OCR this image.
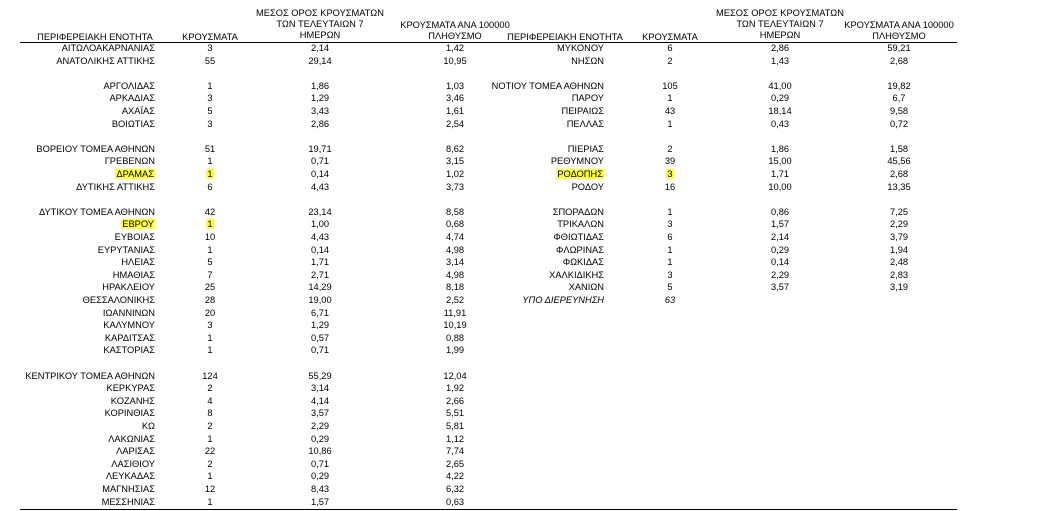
ΠΕΡΙΦΕΡΕΙΑΚΗ ΕΝΟΤΗΤΑ	ΚΡΟΥΣΜΑΤΑ
ΜΕΣΟΣ ΟΡΟΣ ΚΡΟΥΣΜΑΤΩΝ
ΤΩΝ ΤΕΛΕΥΤΑΙΩΝ 7
ΗΜΕΡΩΝ
ΚΡΟΥΣΜΑΤΑ ΑΝΑ 100000
ΠΛΗΘΥΣΜΟ	ΠΕΡΙΦΕΡΕΙΑΚΗ ΕΝΟΤΗΤΑ	ΚΡΟΥΣΜΑΤΑ
ΜΕΣΟΣ ΟΡΟΣ ΚΡΟΥΣΜΑΤΩΝ
ΤΩΝ ΤΕΛΕΥΤΑΙΩΝ 7
ΗΜΕΡΩΝ
ΚΡΟΥΣΜΑΤΑ ΑΝΑ 100000
ΠΛΗΘΥΣΜΟ
ΑΙΤΩΛΟΑΚΑΡΝΑΝΙΑΣ	3	2,14	1,42
ΑΝΑΤΟΛΙΚΗΣ ΑΤΤΙΚΗΣ	55	29,14	10,95
ΑΡΓΟΛΙΔΑΣ	1	1,86	1,03
ΑΡΚΑΔΙΑΣ	3	1,29	3,46
ΑΧΑΪΑΣ	5	3,43	1,61
ΒΟΙΩΤΙΑΣ	3	2,86	2,54
ΒΟΡΕΙΟΥ ΤΟΜΕΑ ΑΘΗΝΩΝ	51	19,71	8,62
ΓΡΕΒΕΝΩΝ	1	0,71	3,15
ΔΡΑΜΑΣ	1	0,14	1,02
ΔΥΤΙΚΗΣ ΑΤΤΙΚΗΣ	6	4,43	3,73
ΔΥΤΙΚΟΥ ΤΟΜΕΑ ΑΘΗΝΩΝ	42	23,14	8,58
ΕΒΡΟΥ	1	1,00	0,68
ΕΥΒΟΙΑΣ	10	4,43	4,74
ΕΥΡΥΤΑΝΙΑΣ	1	0,14	4,98
ΗΛΕΙΑΣ	5	1,71	3,14
ΗΜΑΘΙΑΣ	7	2,71	4,98
ΗΡΑΚΛΕΙΟΥ	25	14,29	8,18
ΘΕΣΣΑΛΟΝΙΚΗΣ	28	19,00	2,52
ΙΩΑΝΝΙΝΩΝ	20	6,71	11,91
ΚΑΛΥΜΝΟΥ	3	1,29	10,19
ΚΑΡΔΙΤΣΑΣ	1	0,57	0,88
ΚΑΣΤΟΡΙΑΣ	1	0,71	1,99
ΚΕΝΤΡΙΚΟΥ ΤΟΜΕΑ ΑΘΗΝΩΝ	124	55,29	12,04
ΚΕΡΚΥΡΑΣ	2	3,14	1,92
ΚΟΖΑΝΗΣ	4	4,14	2,66
ΚΟΡΙΝΘΙΑΣ	8	3,57	5,51
ΚΩ	2	2,29	5,81
ΛΑΚΩΝΙΑΣ	1	0,29	1,12
ΛΑΡΙΣΑΣ	22	10,86	7,74
ΛΑΣΙΘΙΟΥ	2	0,71	2,65
ΛΕΥΚΑΔΑΣ	1	0,29	4,22
ΜΑΓΝΗΣΙΑΣ	12	8,43	6,32
ΜΕΣΣΗΝΙΑΣ	1	1,57	0,63
ΜΥΚΟΝΟΥ	6	2,86	59,21
ΝΗΣΩΝ	2	1,43	2,68
ΝΟΤΙΟΥ ΤΟΜΕΑ ΑΘΗΝΩΝ	105	41,00	19,82
ΠΑΡΟΥ	1	0,29	6,7
ΠΕΙΡΑΙΩΣ	43	18,14	9,58
ΠΕΛΛΑΣ	1	0,43	0,72
ΠΙΕΡΙΑΣ	2	1,86	1,58
ΡΕΘΥΜΝΟΥ	39	15,00	45,56
ΡΟΔΟΠΗΣ	3	1,71	2,68
ΡΟΔΟΥ	16	10,00	13,35
ΣΠΟΡΑΔΩΝ	1	0,86	7,25
ΤΡΙΚΑΛΩΝ	3	1,57	2,29
ΦΘΙΩΤΙΔΑΣ	6	2,14	3,79
ΦΛΩΡΙΝΑΣ	1	0,29	1,94
ΦΩΚΙΔΑΣ	1	0,14	2,48
ΧΑΛΚΙΔΙΚΗΣ	3	2,29	2,83
ΧΑΝΙΩΝ	5	3,57	3,19
ΥΠΟ ΔΙΕΡΕΥΝΗΣΗ	63
